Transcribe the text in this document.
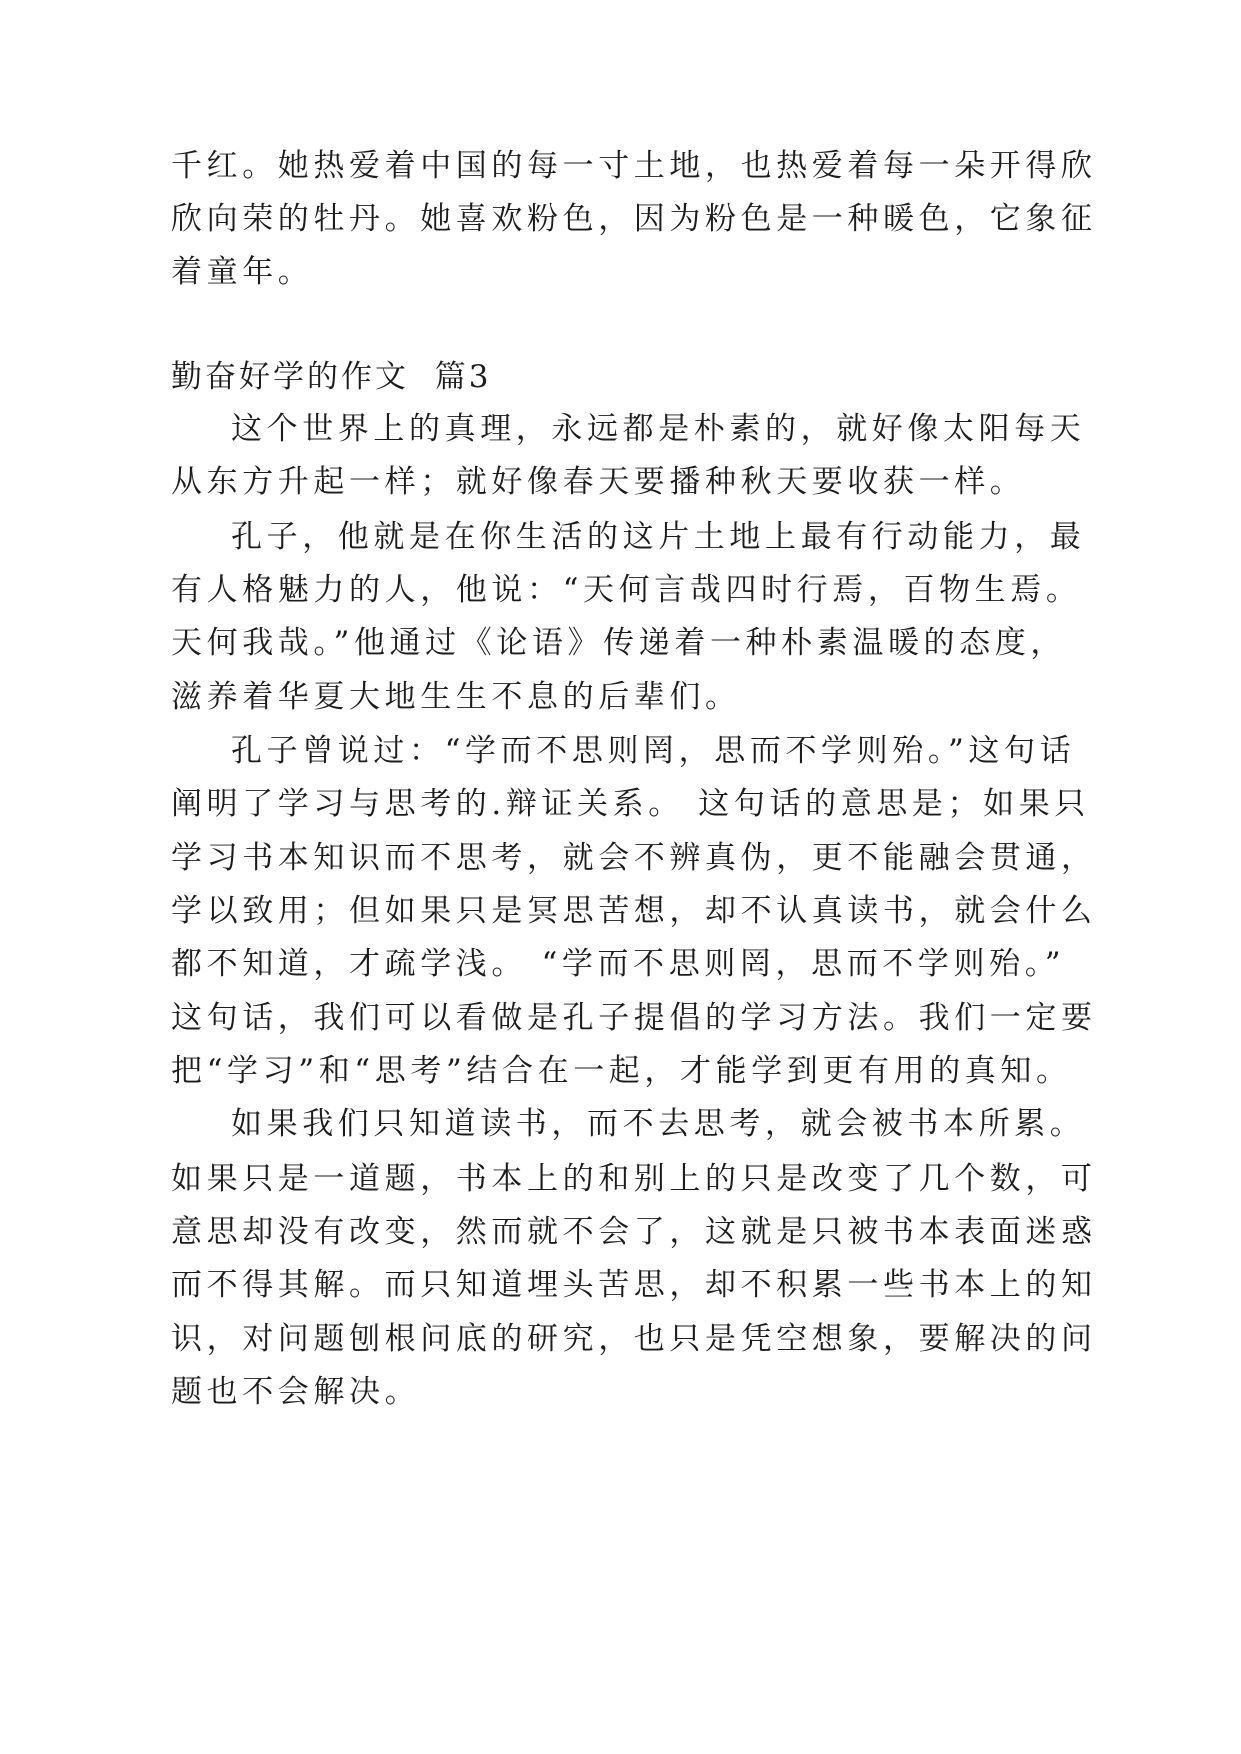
千红。她热爱着中国的每一寸土地，也热爱着每一朵开得欣

欣向荣的牡丹。她喜欢粉色，因为粉色是一种暖色，它象征

着童年。

勤奋好学的作文  篇3

这个世界上的真理，永远都是朴素的，就好像太阳每天

从东方升起一样；就好像春天要播种秋天要收获一样。

孔子，他就是在你生活的这片土地上最有行动能力，最

有人格魅力的人，他说：“天何言哉四时行焉，百物生焉。

天何我哉。”他通过《论语》传递着一种朴素温暖的态度，

滋养着华夏大地生生不息的后辈们。

孔子曾说过：“学而不思则罔，思而不学则殆。”这句话

阐明了学习与思考的.辩证关系。 这句话的意思是；如果只

学习书本知识而不思考，就会不辨真伪，更不能融会贯通，

学以致用；但如果只是冥思苦想，却不认真读书，就会什么

都不知道，才疏学浅。 “学而不思则罔，思而不学则殆。”

这句话，我们可以看做是孔子提倡的学习方法。我们一定要

把“学习”和“思考”结合在一起，才能学到更有用的真知。

如果我们只知道读书，而不去思考，就会被书本所累。

如果只是一道题，书本上的和别上的只是改变了几个数，可

意思却没有改变，然而就不会了，这就是只被书本表面迷惑

而不得其解。而只知道埋头苦思，却不积累一些书本上的知

识，对问题刨根问底的研究，也只是凭空想象，要解决的问

题也不会解决。
